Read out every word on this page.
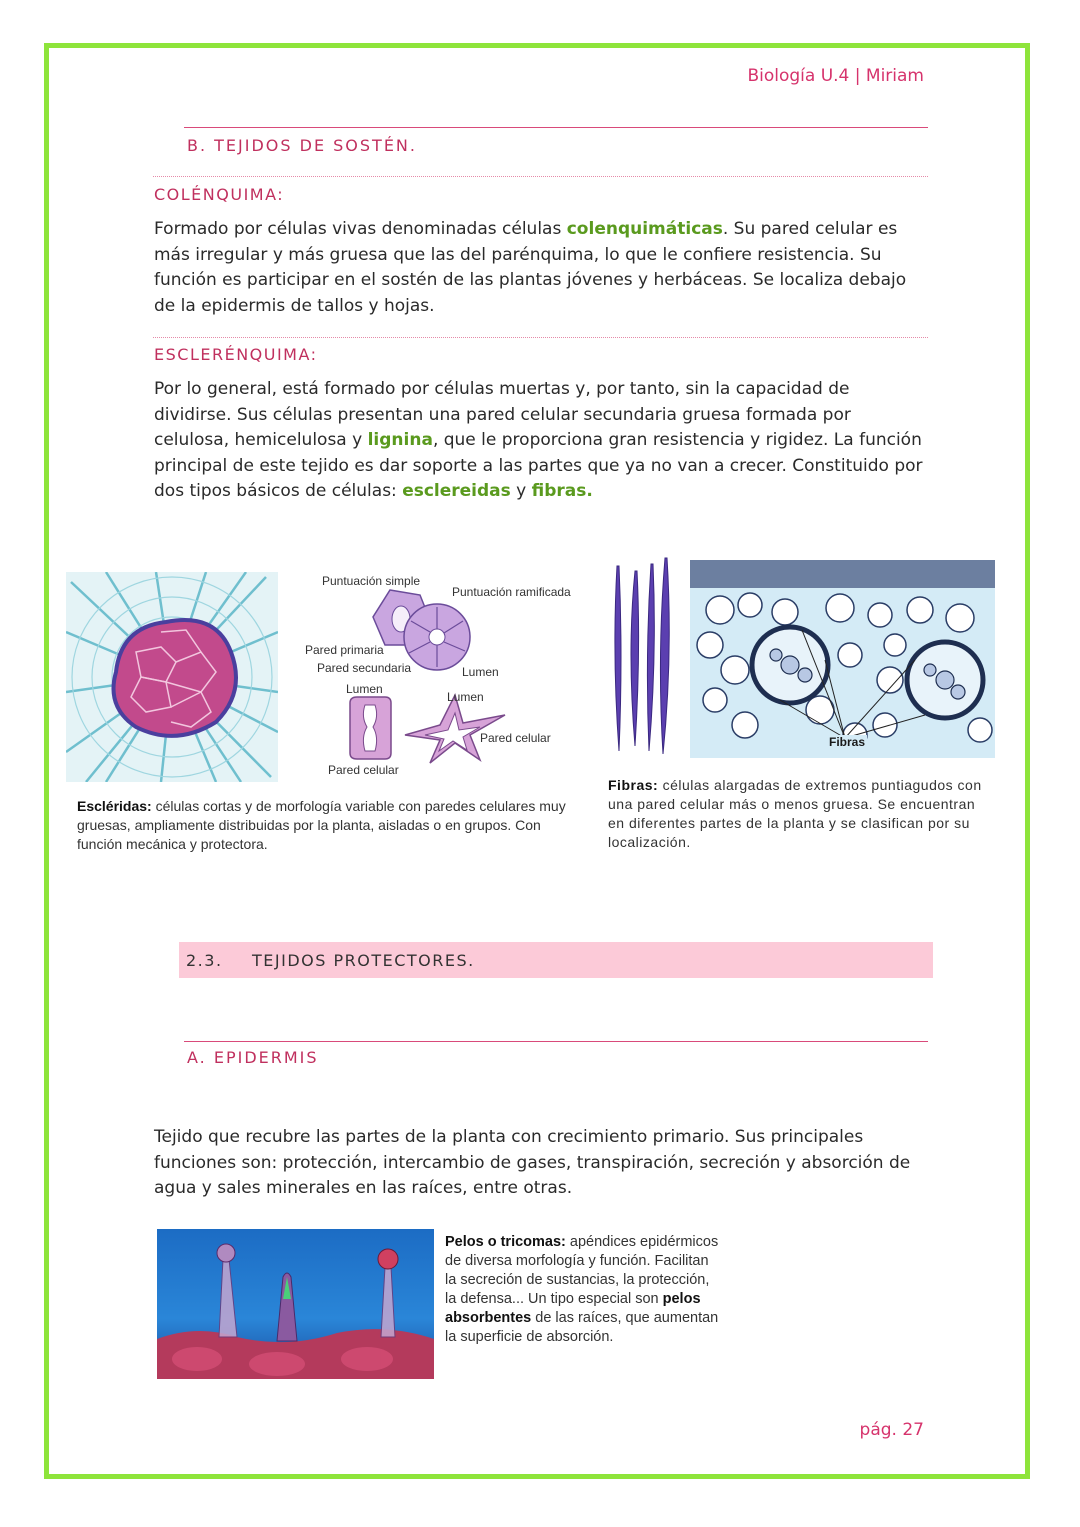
Biología U.4 | Miriam
B. TEJIDOS DE SOSTÉN.
COLÉNQUIMA:
Formado por células vivas denominadas células colenquimáticas. Su pared celular es más irregular y más gruesa que las del parénquima, lo que le confiere resistencia. Su función es participar en el sostén de las plantas jóvenes y herbáceas. Se localiza debajo de la epidermis de tallos y hojas.
ESCLERÉNQUIMA:
Por lo general, está formado por células muertas y, por tanto, sin la capacidad de dividirse. Sus células presentan una pared celular secundaria gruesa formada por celulosa, hemicelulosa y lignina, que le proporciona gran resistencia y rigidez. La función principal de este tejido es dar soporte a las partes que ya no van a crecer. Constituido por dos tipos básicos de células: esclereidas y fibras.
Puntuación simple
Puntuación ramificada
Pared primaria
Pared secundaria	Lumen
Lumen
Lumen
Pared celular
Pared celular
Fibras
Escléridas: células cortas y de morfología variable con paredes celulares muy gruesas, ampliamente distribuidas por la planta, aisladas o en grupos. Con función mecánica y protectora.
Fibras: células alargadas de extremos puntiagudos con una pared celular más o menos gruesa. Se encuentran en diferentes partes de la planta y se clasifican por su localización.
2.3. TEJIDOS PROTECTORES.
A. EPIDERMIS
Tejido que recubre las partes de la planta con crecimiento primario. Sus principales funciones son: protección, intercambio de gases, transpiración, secreción y absorción de agua y sales minerales en las raíces, entre otras.
Pelos o tricomas: apéndices epidérmicos de diversa morfología y función. Facilitan la secreción de sustancias, la protección, la defensa... Un tipo especial son pelos absorbentes de las raíces, que aumentan la superficie de absorción.
pág. 27
